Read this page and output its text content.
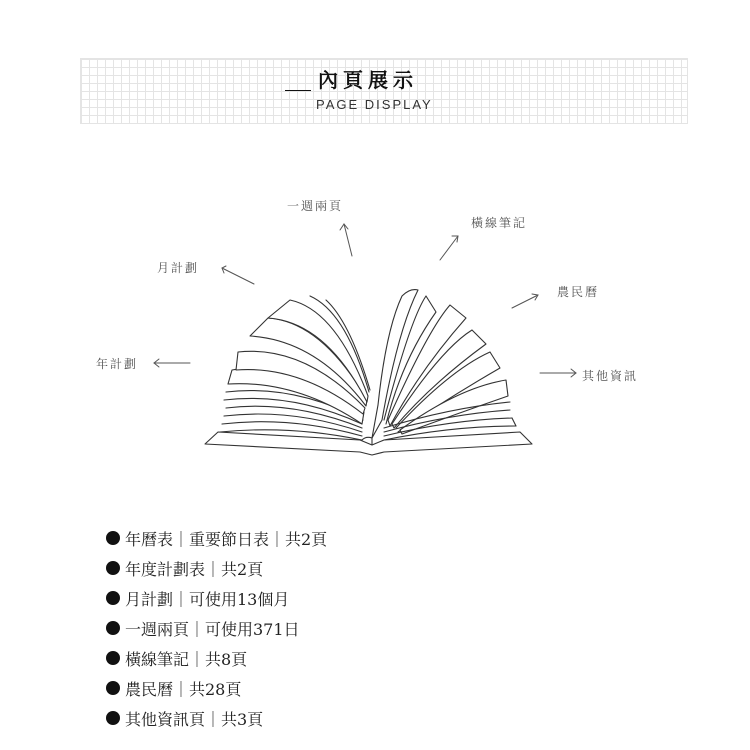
內頁展示
PAGE DISPLAY
一週兩頁
橫線筆記
月計劃
農民曆
年計劃
其他資訊
年曆表｜重要節日表｜共2頁
年度計劃表｜共2頁
月計劃｜可使用13個月
一週兩頁｜可使用371日
橫線筆記｜共8頁
農民曆｜共28頁
其他資訊頁｜共3頁
